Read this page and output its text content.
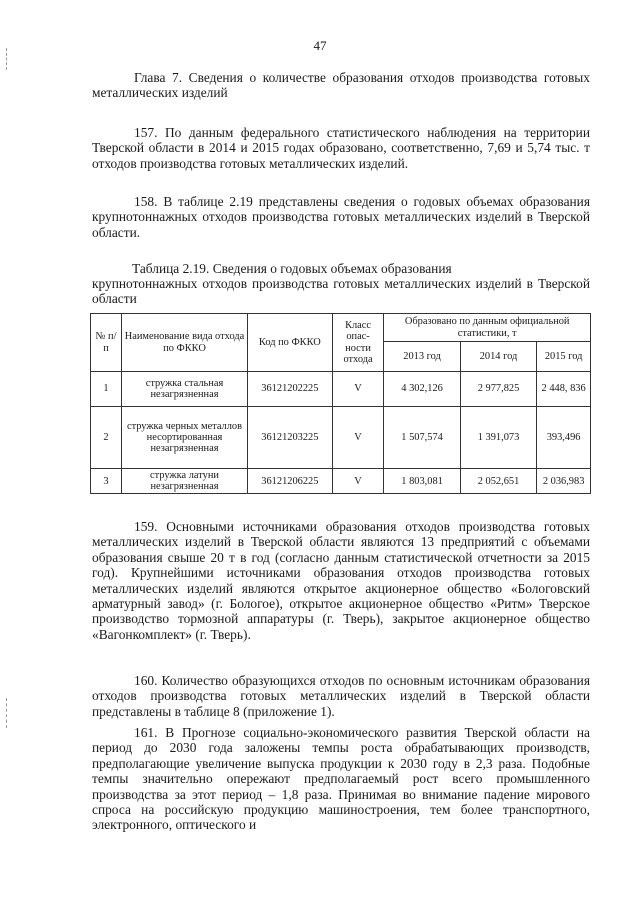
47

Глава 7. Сведения о количестве образования отходов производства готовых металлических изделий

157. По данным федерального статистического наблюдения на территории Тверской области в 2014 и 2015 годах образовано, соответственно, 7,69 и 5,74 тыс. т отходов производства готовых металлических изделий.

158. В таблице 2.19 представлены сведения о годовых объемах образования крупнотоннажных отходов производства готовых металлических изделий в Тверской области.

Таблица 2.19. Сведения о годовых объемах образования
крупнотоннажных отходов производства готовых металлических изделий в Тверской области

№ п/п	Наименование вида отхода по ФККО	Код по ФККО	Класс опас-ности отхода	Образовано по данным официальной статистики, т		
				2013 год	2014 год	2015 год
1	стружка стальная незагрязненная	36121202225	V	4 302,126	2 977,825	2 448, 836
2	стружка черных металлов несортированная незагрязненная	36121203225	V	1 507,574	1 391,073	393,496
3	стружка латуни незагрязненная	36121206225	V	1 803,081	2 052,651	2 036,983

159. Основными источниками образования отходов производства готовых металлических изделий в Тверской области являются 13 предприятий с объемами образования свыше 20 т в год (согласно данным статистической отчетности за 2015 год). Крупнейшими источниками образования отходов производства готовых металлических изделий являются открытое акционерное общество «Бологовский арматурный завод» (г. Бологое), открытое акционерное общество «Ритм» Тверское производство тормозной аппаратуры (г. Тверь), закрытое акционерное общество «Вагонкомплект» (г. Тверь).

160. Количество образующихся отходов по основным источникам образования отходов производства готовых металлических изделий в Тверской области представлены в таблице 8 (приложение 1).

161. В Прогнозе социально-экономического развития Тверской области на период до 2030 года заложены темпы роста обрабатывающих производств, предполагающие увеличение выпуска продукции к 2030 году в 2,3 раза. Подобные темпы значительно опережают предполагаемый рост всего промышленного производства за этот период – 1,8 раза. Принимая во внимание падение мирового спроса на российскую продукцию машиностроения, тем более транспортного, электронного, оптического и
